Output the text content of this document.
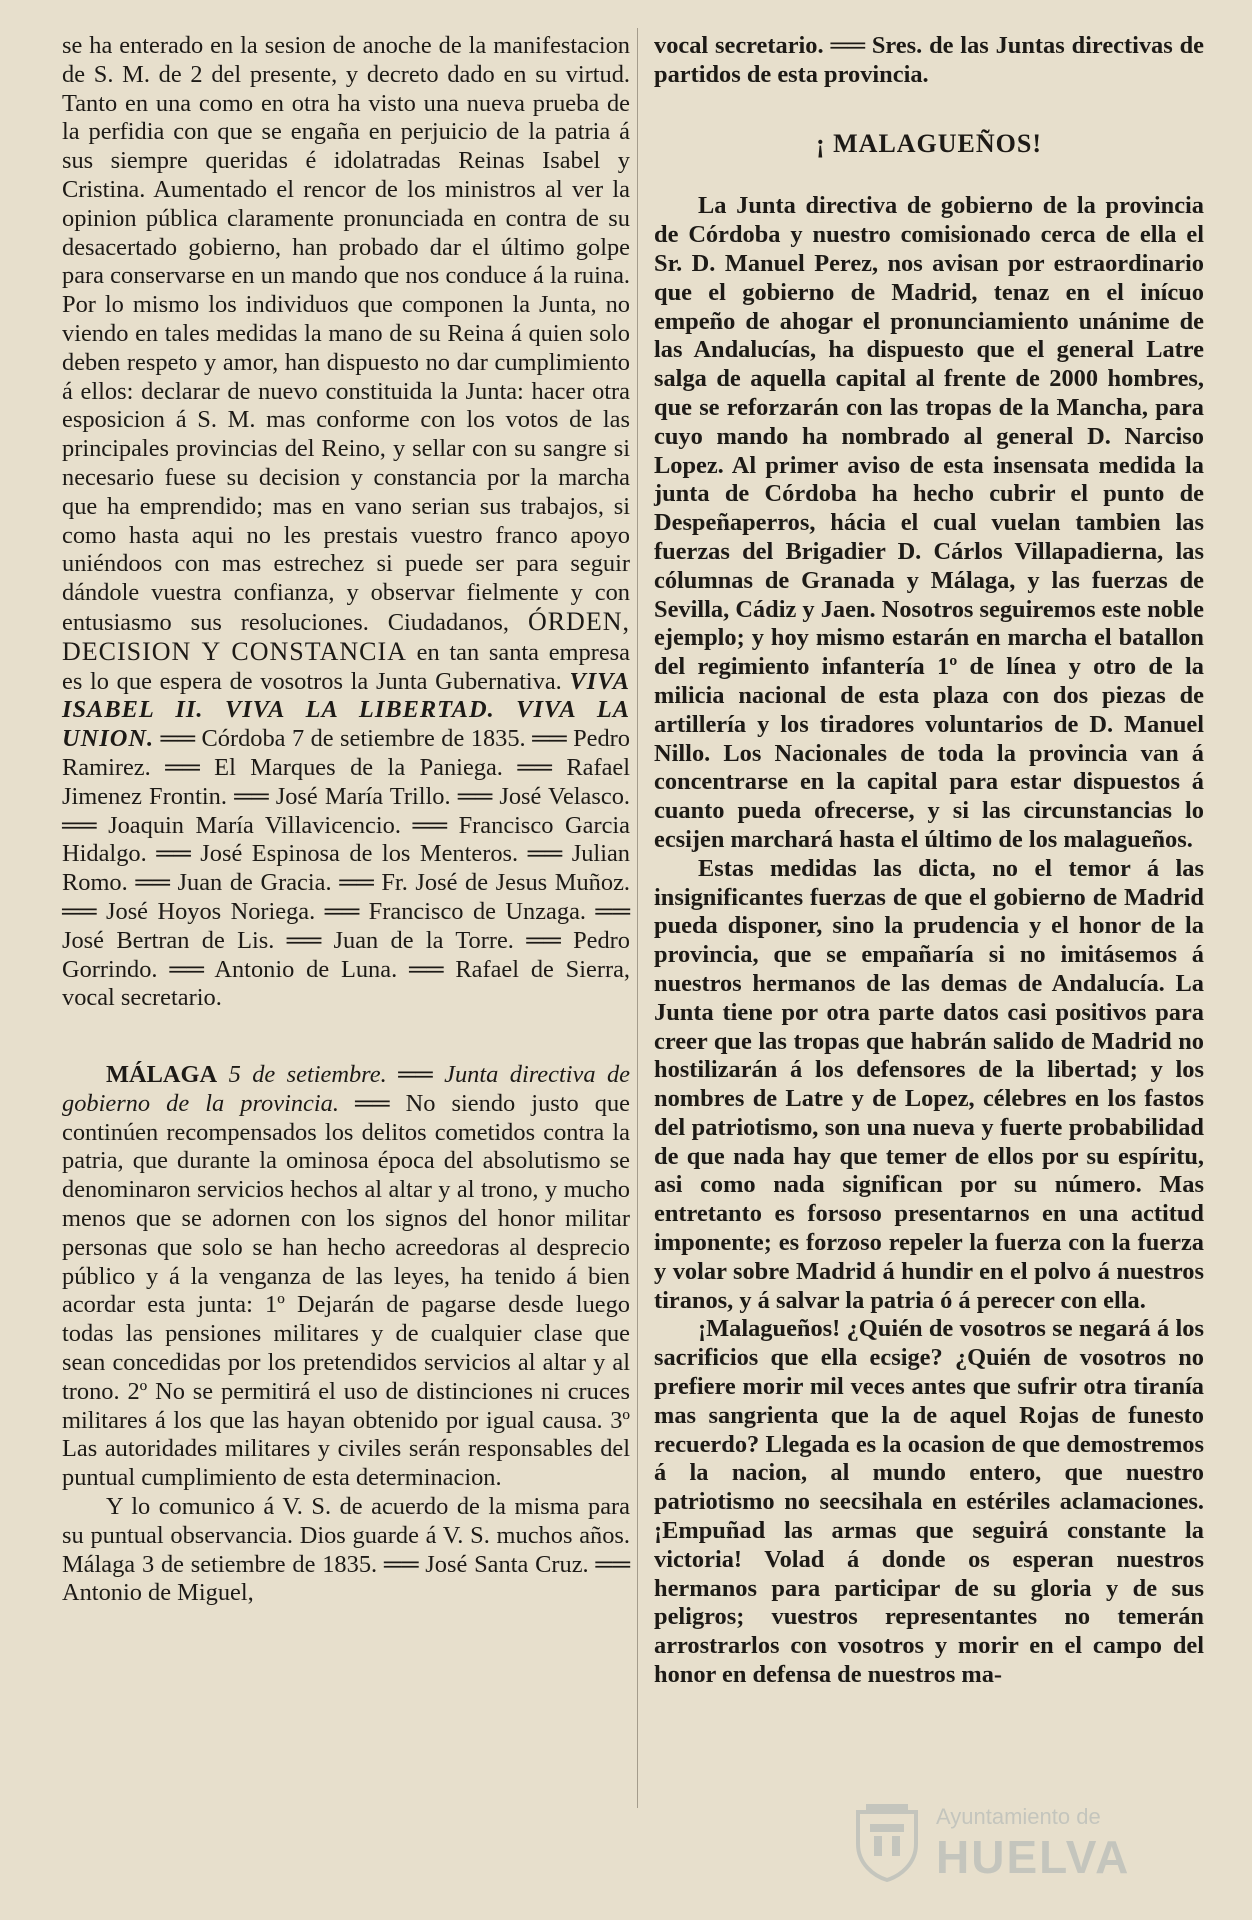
se ha enterado en la sesion de anoche de la manifestacion de S. M. de 2 del presente, y decreto dado en su virtud. Tanto en una como en otra ha visto una nueva prueba de la perfidia con que se engaña en perjuicio de la patria á sus siempre queridas é idolatradas Reinas Isabel y Cristina. Aumentado el rencor de los ministros al ver la opinion pública claramente pronunciada en contra de su desacertado gobierno, han probado dar el último golpe para conservarse en un mando que nos conduce á la ruina. Por lo mismo los individuos que componen la Junta, no viendo en tales medidas la mano de su Reina á quien solo deben respeto y amor, han dispuesto no dar cumplimiento á ellos: declarar de nuevo constituida la Junta: hacer otra esposicion á S. M. mas conforme con los votos de las principales provincias del Reino, y sellar con su sangre si necesario fuese su decision y constancia por la marcha que ha emprendido; mas en vano serian sus trabajos, si como hasta aqui no les prestais vuestro franco apoyo uniéndoos con mas estrechez si puede ser para seguir dándole vuestra confianza, y observar fielmente y con entusiasmo sus resoluciones. Ciudadanos, ÓRDEN, DECISION Y CONSTANCIA en tan santa empresa es lo que espera de vosotros la Junta Gubernativa. VIVA ISABEL II. VIVA LA LIBERTAD. VIVA LA UNION. ══ Córdoba 7 de setiembre de 1835. ══ Pedro Ramirez. ══ El Marques de la Paniega. ══ Rafael Jimenez Frontin. ══ José María Trillo. ══ José Velasco. ══ Joaquin María Villavicencio. ══ Francisco Garcia Hidalgo. ══ José Espinosa de los Menteros. ══ Julian Romo. ══ Juan de Gracia. ══ Fr. José de Jesus Muñoz. ══ José Hoyos Noriega. ══ Francisco de Unzaga. ══ José Bertran de Lis. ══ Juan de la Torre. ══ Pedro Gorrindo. ══ Antonio de Luna. ══ Rafael de Sierra, vocal secretario.

MÁLAGA 5 de setiembre. ══ Junta directiva de gobierno de la provincia. ══ No siendo justo que continúen recompensados los delitos cometidos contra la patria, que durante la ominosa época del absolutismo se denominaron servicios hechos al altar y al trono, y mucho menos que se adornen con los signos del honor militar personas que solo se han hecho acreedoras al desprecio público y á la venganza de las leyes, ha tenido á bien acordar esta junta: 1º Dejarán de pagarse desde luego todas las pensiones militares y de cualquier clase que sean concedidas por los pretendidos servicios al altar y al trono. 2º No se permitirá el uso de distinciones ni cruces militares á los que las hayan obtenido por igual causa. 3º Las autoridades militares y civiles serán responsables del puntual cumplimiento de esta determinacion.

Y lo comunico á V. S. de acuerdo de la misma para su puntual observancia. Dios guarde á V. S. muchos años. Málaga 3 de setiembre de 1835. ══ José Santa Cruz. ══ Antonio de Miguel,

vocal secretario. ══ Sres. de las Juntas directivas de partidos de esta provincia.

¡ MALAGUEÑOS!

La Junta directiva de gobierno de la provincia de Córdoba y nuestro comisionado cerca de ella el Sr. D. Manuel Perez, nos avisan por estraordinario que el gobierno de Madrid, tenaz en el inícuo empeño de ahogar el pronunciamiento unánime de las Andalucías, ha dispuesto que el general Latre salga de aquella capital al frente de 2000 hombres, que se reforzarán con las tropas de la Mancha, para cuyo mando ha nombrado al general D. Narciso Lopez. Al primer aviso de esta insensata medida la junta de Córdoba ha hecho cubrir el punto de Despeñaperros, hácia el cual vuelan tambien las fuerzas del Brigadier D. Cárlos Villapadierna, las cólumnas de Granada y Málaga, y las fuerzas de Sevilla, Cádiz y Jaen. Nosotros seguiremos este noble ejemplo; y hoy mismo estarán en marcha el batallon del regimiento infantería 1º de línea y otro de la milicia nacional de esta plaza con dos piezas de artillería y los tiradores voluntarios de D. Manuel Nillo. Los Nacionales de toda la provincia van á concentrarse en la capital para estar dispuestos á cuanto pueda ofrecerse, y si las circunstancias lo ecsijen marchará hasta el último de los malagueños.

Estas medidas las dicta, no el temor á las insignificantes fuerzas de que el gobierno de Madrid pueda disponer, sino la prudencia y el honor de la provincia, que se empañaría si no imitásemos á nuestros hermanos de las demas de Andalucía. La Junta tiene por otra parte datos casi positivos para creer que las tropas que habrán salido de Madrid no hostilizarán á los defensores de la libertad; y los nombres de Latre y de Lopez, célebres en los fastos del patriotismo, son una nueva y fuerte probabilidad de que nada hay que temer de ellos por su espíritu, asi como nada significan por su número. Mas entretanto es forsoso presentarnos en una actitud imponente; es forzoso repeler la fuerza con la fuerza y volar sobre Madrid á hundir en el polvo á nuestros tiranos, y á salvar la patria ó á perecer con ella.

¡Malagueños! ¿Quién de vosotros se negará á los sacrificios que ella ecsige? ¿Quién de vosotros no prefiere morir mil veces antes que sufrir otra tiranía mas sangrienta que la de aquel Rojas de funesto recuerdo? Llegada es la ocasion de que demostremos á la nacion, al mundo entero, que nuestro patriotismo no seecsihala en estériles aclamaciones. ¡Empuñad las armas que seguirá constante la victoria! Volad á donde os esperan nuestros hermanos para participar de su gloria y de sus peligros; vuestros representantes no temerán arrostrarlos con vosotros y morir en el campo del honor en defensa de nuestros ma-

Ayuntamiento de
HUELVA
